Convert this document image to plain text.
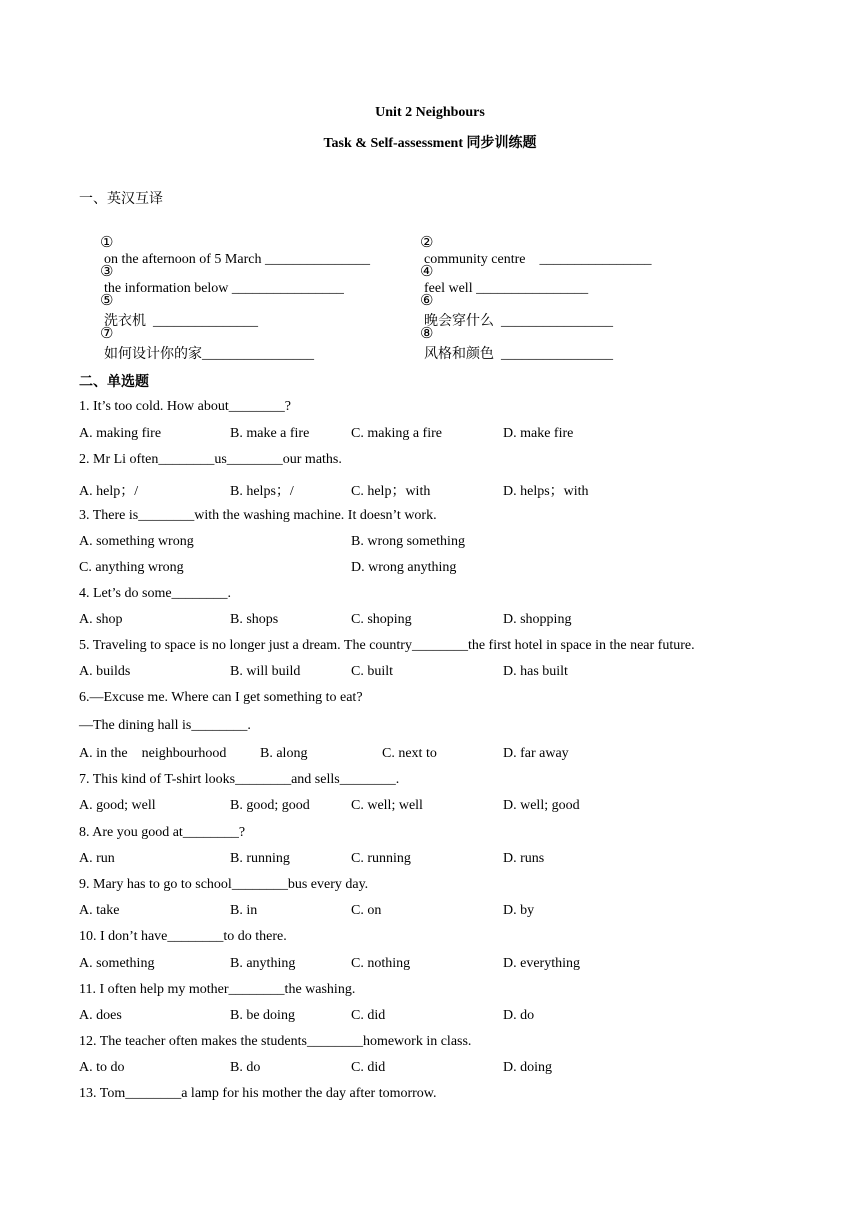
Unit 2 Neighbours
Task & Self-assessment 同步训练题
一、英汉互译

①
on the afternoon of 5 March _______________

②
community centre    ________________

③
the information below ________________

④
feel well ________________

⑤
洗衣机  _______________

⑥
晚会穿什么  ________________

⑦
如何设计你的家________________

⑧
风格和颜色  ________________

二、单选题
1. It’s too cold. How about________?
A. making fire	B. make a fire	C. making a fire	D. make fire
2. Mr Li often________us________our maths.
A. help；/	B. helps；/	C. help；with	D. helps；with
3. There is________with the washing machine. It doesn’t work.
A. something wrong	B. wrong something
C. anything wrong	D. wrong anything
4. Let’s do some________.
A. shop	B. shops	C. shoping	D. shopping
5. Traveling to space is no longer just a dream. The country________the first hotel in space in the near future.
A. builds	B. will build	C. built	D. has built
6.—Excuse me. Where can I get something to eat?
—The dining hall is________.
A. in the    neighbourhood B. along	C. next to	D. far away
7. This kind of T-shirt looks________and sells________.
A. good; well	B. good; good	C. well; well	D. well; good
8. Are you good at________?
A. run	B. running	C. running	D. runs
9. Mary has to go to school________bus every day.
A. take	B. in	C. on	D. by
10. I don’t have________to do there.
A. something	B. anything	C. nothing	D. everything
11. I often help my mother________the washing.
A. does	B. be doing	C. did	D. do
12. The teacher often makes the students________homework in class.
A. to do	B. do	C. did	D. doing
13. Tom________a lamp for his mother the day after tomorrow.
